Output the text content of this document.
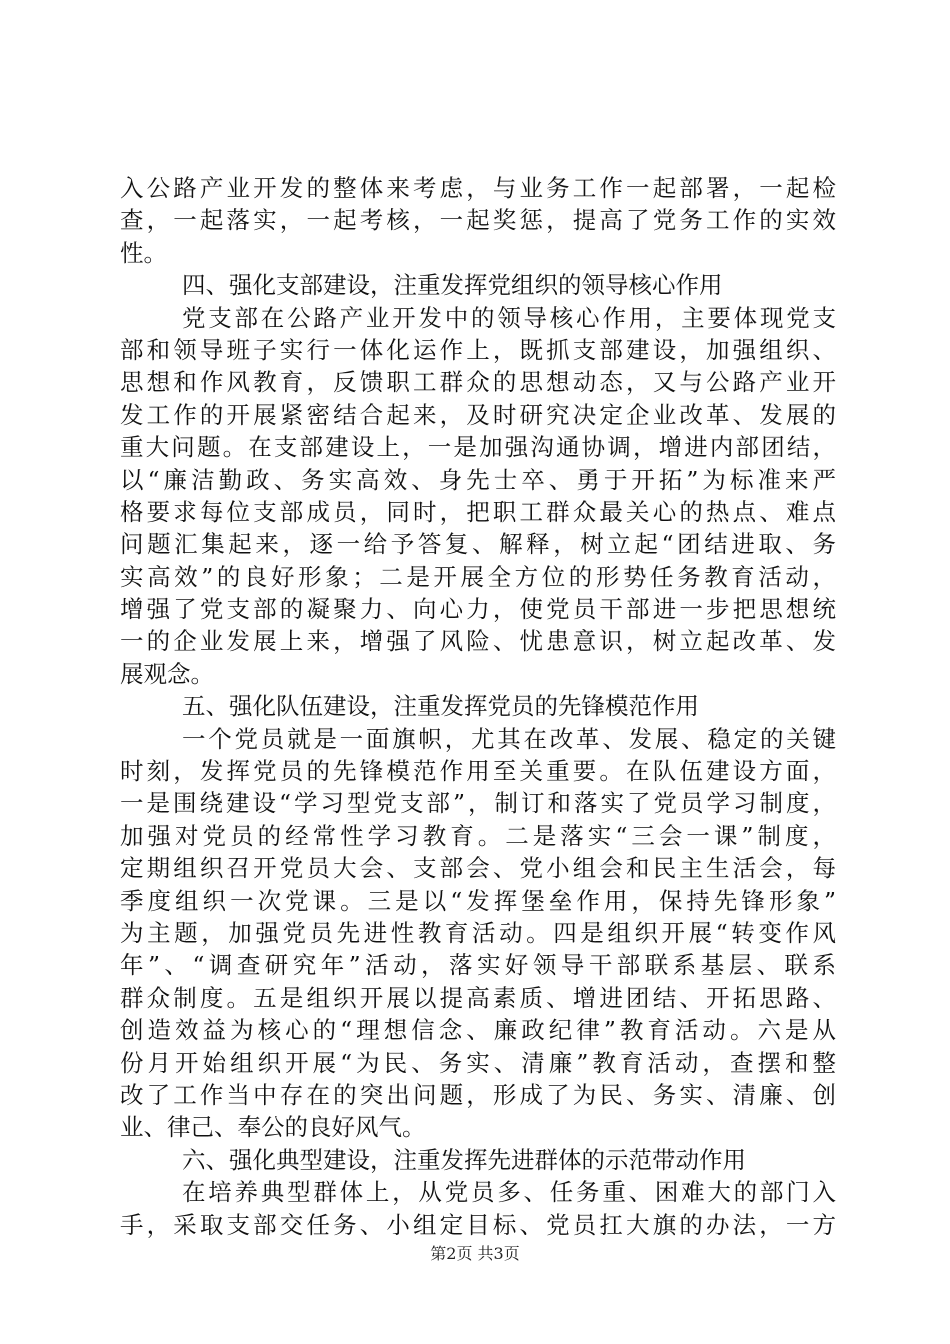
入公路产业开发的整体来考虑，与业务工作一起部署，一起检
查，一起落实，一起考核，一起奖惩，提高了党务工作的实效
性。
四、强化支部建设，注重发挥党组织的领导核心作用
党支部在公路产业开发中的领导核心作用，主要体现党支
部和领导班子实行一体化运作上，既抓支部建设，加强组织、
思想和作风教育，反馈职工群众的思想动态，又与公路产业开
发工作的开展紧密结合起来，及时研究决定企业改革、发展的
重大问题。在支部建设上，一是加强沟通协调，增进内部团结，
以“廉洁勤政、务实高效、身先士卒、勇于开拓”为标准来严
格要求每位支部成员，同时，把职工群众最关心的热点、难点
问题汇集起来，逐一给予答复、解释，树立起“团结进取、务
实高效”的良好形象；二是开展全方位的形势任务教育活动，
增强了党支部的凝聚力、向心力，使党员干部进一步把思想统
一的企业发展上来，增强了风险、忧患意识，树立起改革、发
展观念。
五、强化队伍建设，注重发挥党员的先锋模范作用
一个党员就是一面旗帜，尤其在改革、发展、稳定的关键
时刻，发挥党员的先锋模范作用至关重要。在队伍建设方面，
一是围绕建设“学习型党支部”，制订和落实了党员学习制度，
加强对党员的经常性学习教育。二是落实“三会一课”制度，
定期组织召开党员大会、支部会、党小组会和民主生活会，每
季度组织一次党课。三是以“发挥堡垒作用，保持先锋形象”
为主题，加强党员先进性教育活动。四是组织开展“转变作风
年”、“调查研究年”活动，落实好领导干部联系基层、联系
群众制度。五是组织开展以提高素质、增进团结、开拓思路、
创造效益为核心的“理想信念、廉政纪律”教育活动。六是从
份月开始组织开展“为民、务实、清廉”教育活动，查摆和整
改了工作当中存在的突出问题，形成了为民、务实、清廉、创
业、律己、奉公的良好风气。
六、强化典型建设，注重发挥先进群体的示范带动作用
在培养典型群体上，从党员多、任务重、困难大的部门入
手，采取支部交任务、小组定目标、党员扛大旗的办法，一方
第2页 共3页
